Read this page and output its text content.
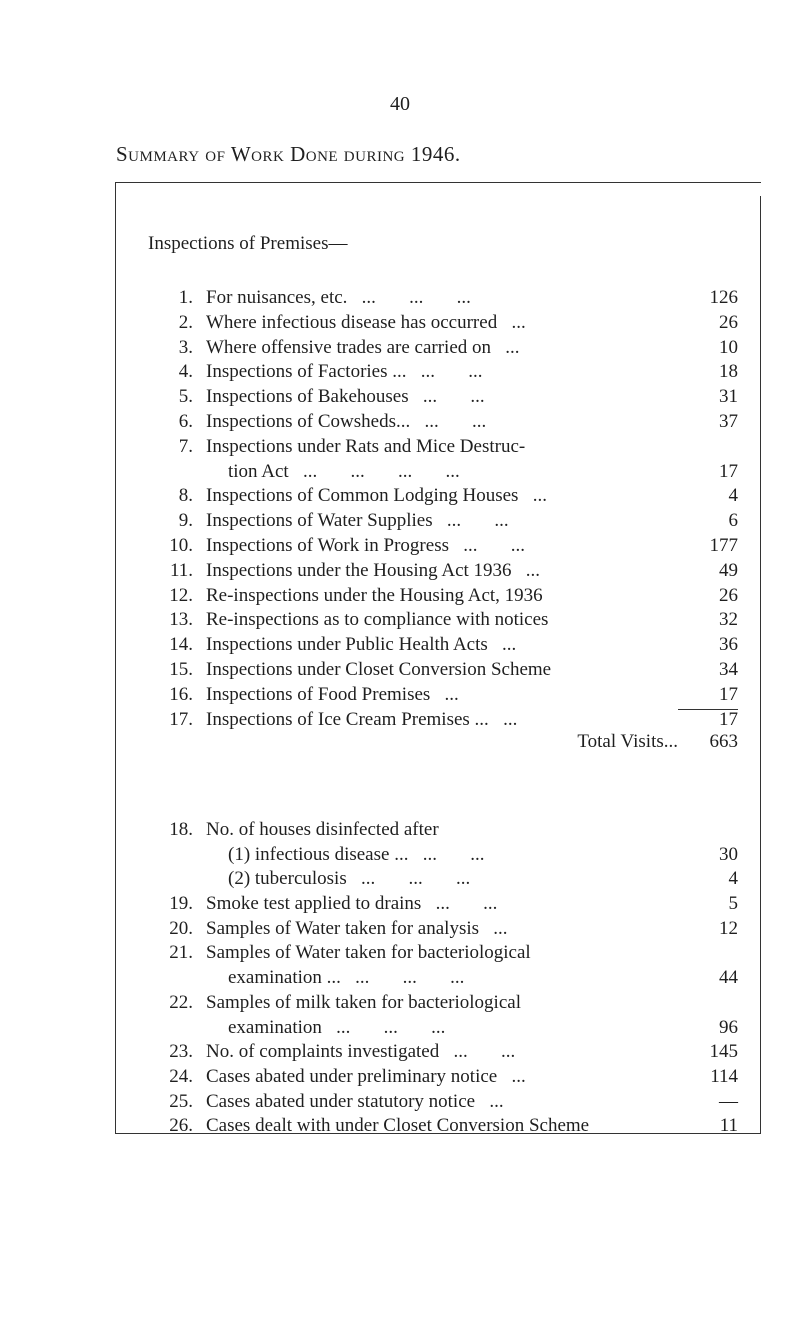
40
Summary of Work Done during 1946.
Inspections of Premises—
1. For nuisances, etc.   ...       ...       ...	126
2. Where infectious disease has occurred   ...	26
3. Where offensive trades are carried on   ...	10
4. Inspections of Factories ...   ...       ...	18
5. Inspections of Bakehouses   ...       ...	31
6. Inspections of Cowsheds...   ...       ...	37
7. Inspections under Rats and Mice Destruc-
tion Act   ...       ...       ...       ...	17
8. Inspections of Common Lodging Houses   ...	4
9. Inspections of Water Supplies   ...       ...	6
10. Inspections of Work in Progress   ...       ...	177
11. Inspections under the Housing Act 1936   ...	49
12. Re-inspections under the Housing Act, 1936	26
13. Re-inspections as to compliance with notices	32
14. Inspections under Public Health Acts   ...	36
15. Inspections under Closet Conversion Scheme	34
16. Inspections of Food Premises   ...	17
17. Inspections of Ice Cream Premises ...   ...	17
Total Visits...	663
18. No. of houses disinfected after
(1) infectious disease ...   ...       ...	30
(2) tuberculosis   ...       ...       ...	4
19. Smoke test applied to drains   ...       ...	5
20. Samples of Water taken for analysis   ...	12
21. Samples of Water taken for bacteriological
examination ...   ...       ...       ...	44
22. Samples of milk taken for bacteriological
examination   ...       ...       ...	96
23. No. of complaints investigated   ...       ...	145
24. Cases abated under preliminary notice   ...	114
25. Cases abated under statutory notice   ...	—
26. Cases dealt with under Closet Conversion Scheme	11
